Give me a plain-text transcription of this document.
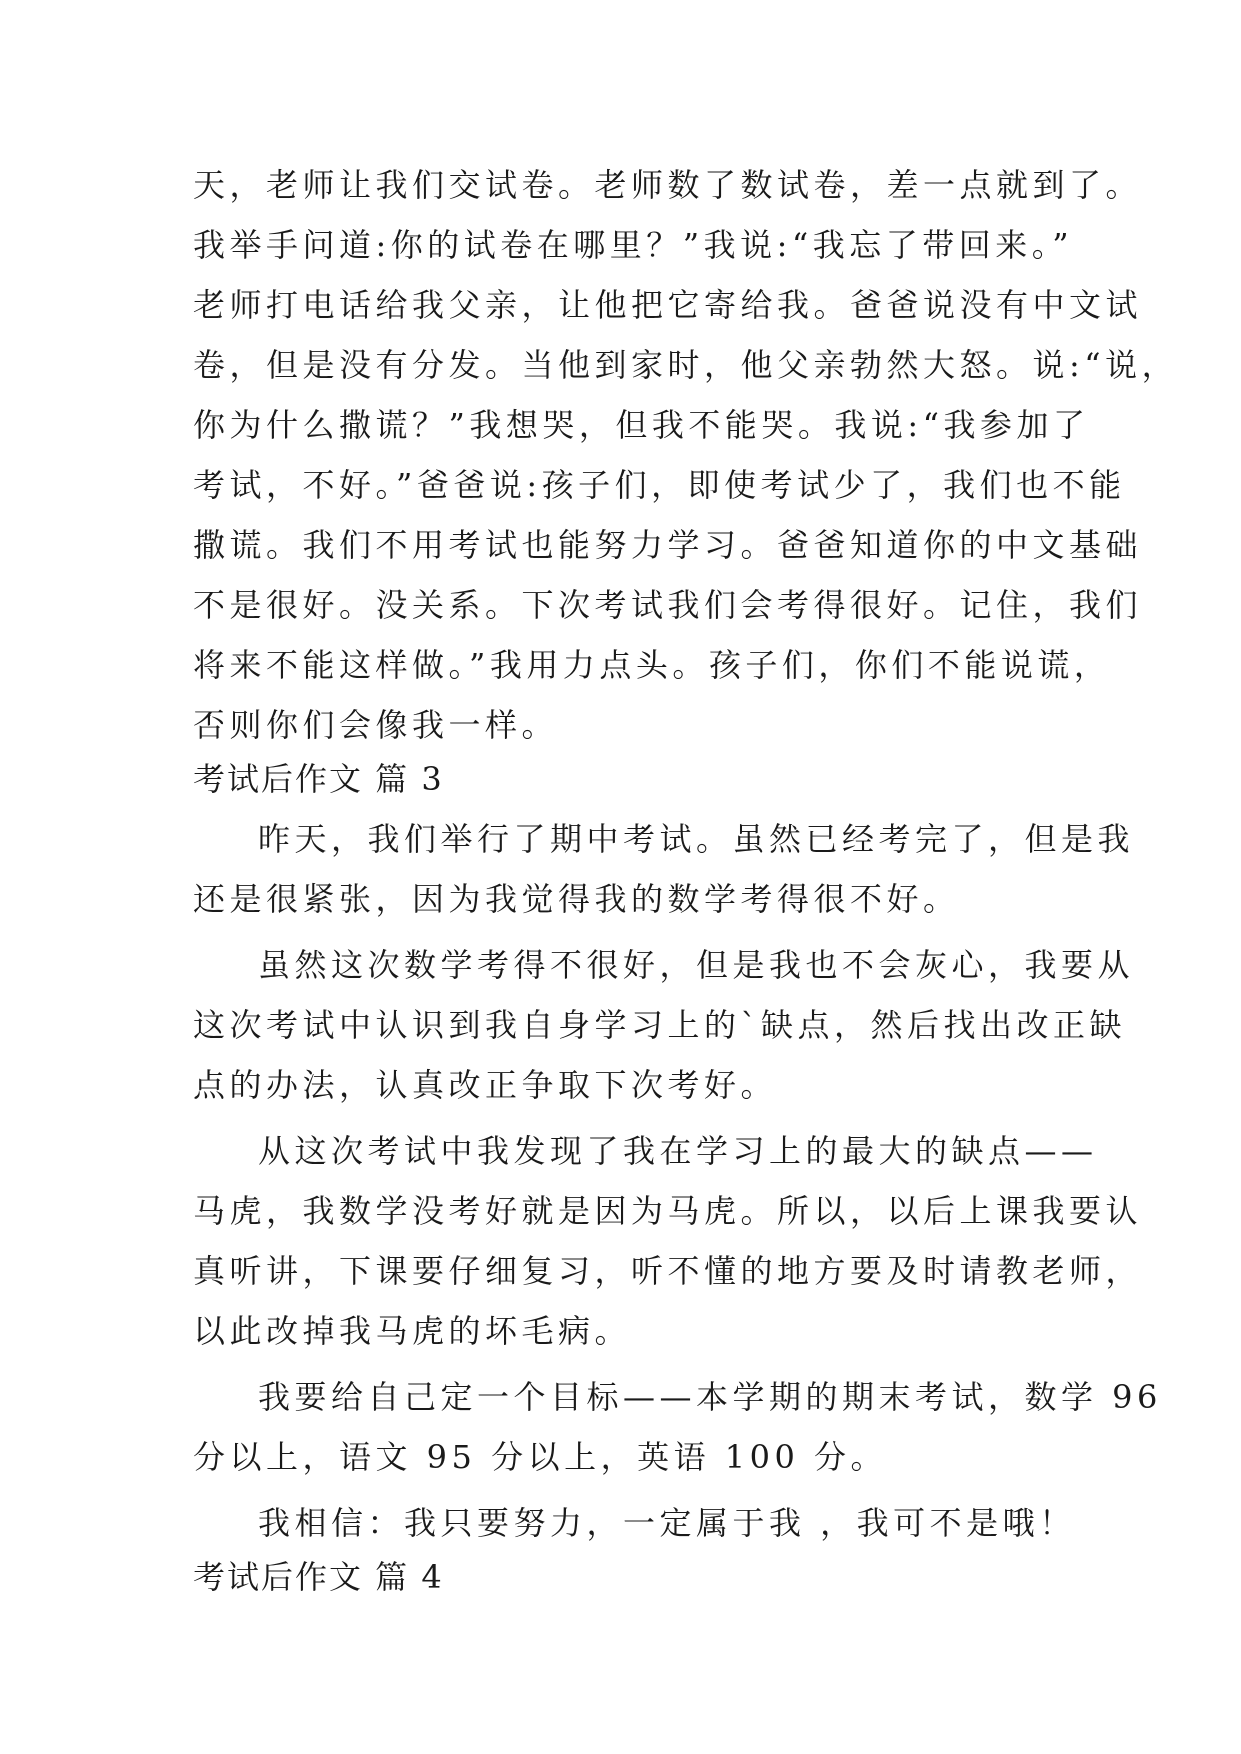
天，老师让我们交试卷。老师数了数试卷，差一点就到了。
我举手问道:你的试卷在哪里？”我说:“我忘了带回来。”
老师打电话给我父亲，让他把它寄给我。爸爸说没有中文试
卷，但是没有分发。当他到家时，他父亲勃然大怒。说:“说，
你为什么撒谎？”我想哭，但我不能哭。我说:“我参加了
考试，不好。”爸爸说:孩子们，即使考试少了，我们也不能
撒谎。我们不用考试也能努力学习。爸爸知道你的中文基础
不是很好。没关系。下次考试我们会考得很好。记住，我们
将来不能这样做。”我用力点头。孩子们，你们不能说谎，
否则你们会像我一样。
考试后作文 篇 3
昨天，我们举行了期中考试。虽然已经考完了，但是我
还是很紧张，因为我觉得我的数学考得很不好。
虽然这次数学考得不很好，但是我也不会灰心，我要从
这次考试中认识到我自身学习上的`缺点，然后找出改正缺
点的办法，认真改正争取下次考好。
从这次考试中我发现了我在学习上的最大的缺点——
马虎，我数学没考好就是因为马虎。所以，以后上课我要认
真听讲，下课要仔细复习，听不懂的地方要及时请教老师，
以此改掉我马虎的坏毛病。
我要给自己定一个目标——本学期的期末考试，数学 96
分以上，语文 95 分以上，英语 100 分。
我相信：我只要努力，一定属于我 ，我可不是哦！
考试后作文 篇 4
